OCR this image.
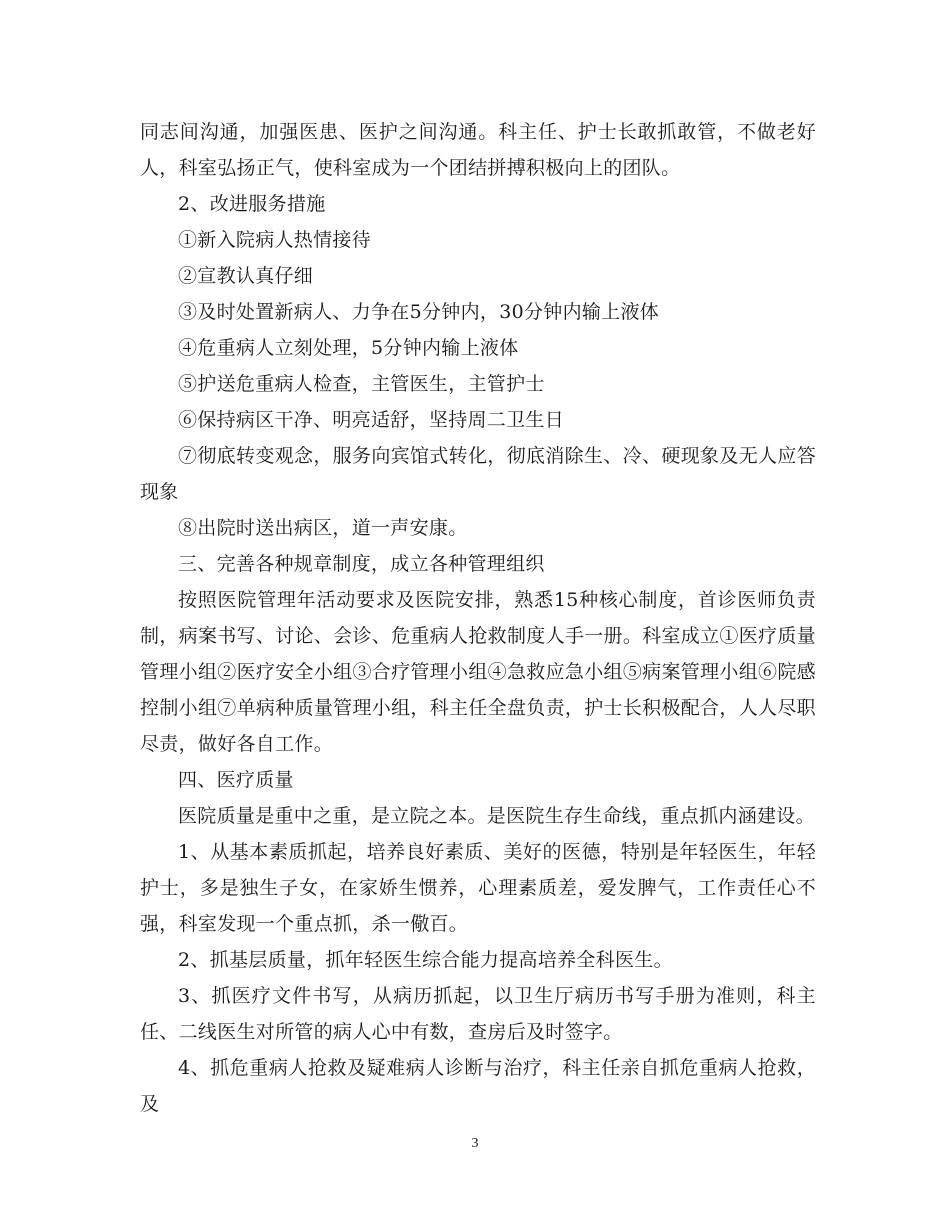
同志间沟通，加强医患、医护之间沟通。科主任、护士长敢抓敢管，不做老好人，科室弘扬正气，使科室成为一个团结拼搏积极向上的团队。

2、改进服务措施

①新入院病人热情接待

②宣教认真仔细

③及时处置新病人、力争在5分钟内，30分钟内输上液体

④危重病人立刻处理，5分钟内输上液体

⑤护送危重病人检查，主管医生，主管护士

⑥保持病区干净、明亮适舒，坚持周二卫生日

⑦彻底转变观念，服务向宾馆式转化，彻底消除生、冷、硬现象及无人应答现象

⑧出院时送出病区，道一声安康。

三、完善各种规章制度，成立各种管理组织

按照医院管理年活动要求及医院安排，熟悉15种核心制度，首诊医师负责制，病案书写、讨论、会诊、危重病人抢救制度人手一册。科室成立①医疗质量管理小组②医疗安全小组③合疗管理小组④急救应急小组⑤病案管理小组⑥院感控制小组⑦单病种质量管理小组，科主任全盘负责，护士长积极配合，人人尽职尽责，做好各自工作。

四、医疗质量

医院质量是重中之重，是立院之本。是医院生存生命线，重点抓内涵建设。

1、从基本素质抓起，培养良好素质、美好的医德，特别是年轻医生，年轻护士，多是独生子女，在家娇生惯养，心理素质差，爱发脾气，工作责任心不强，科室发现一个重点抓，杀一儆百。

2、抓基层质量，抓年轻医生综合能力提高培养全科医生。

3、抓医疗文件书写，从病历抓起，以卫生厅病历书写手册为准则，科主任、二线医生对所管的病人心中有数，查房后及时签字。

4、抓危重病人抢救及疑难病人诊断与治疗，科主任亲自抓危重病人抢救，及

3
